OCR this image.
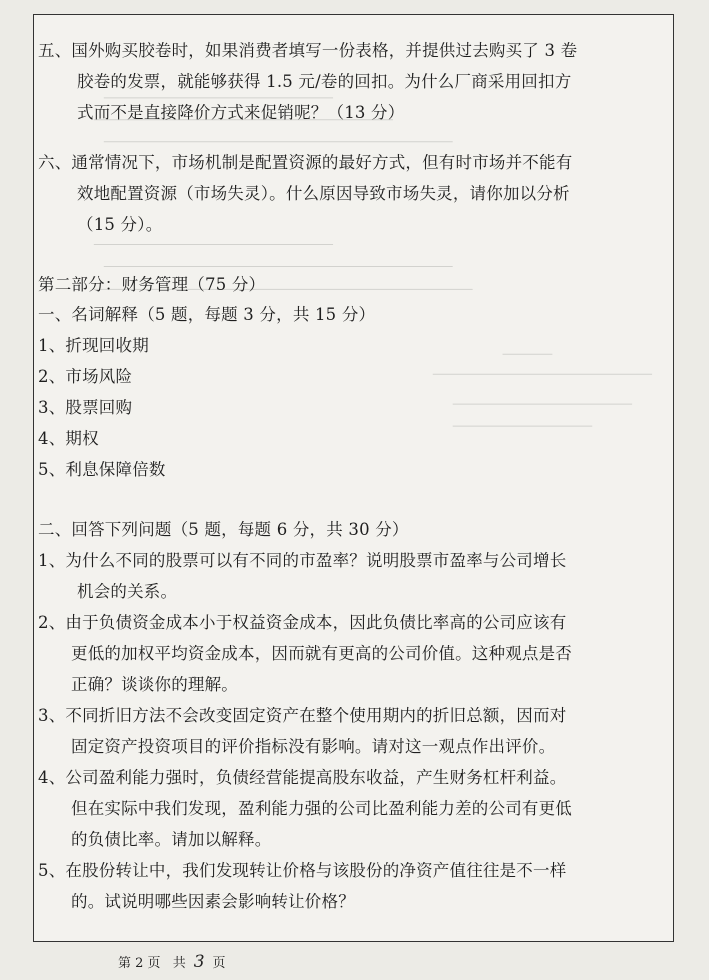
五、国外购买胶卷时，如果消费者填写一份表格，并提供过去购买了 3 卷
胶卷的发票，就能够获得 1.5 元/卷的回扣。为什么厂商采用回扣方
式而不是直接降价方式来促销呢？（13 分）
六、通常情况下，市场机制是配置资源的最好方式，但有时市场并不能有
效地配置资源（市场失灵）。什么原因导致市场失灵，请你加以分析
（15 分）。
第二部分：财务管理（75 分）
一、名词解释（5 题，每题 3 分，共 15 分）
1、折现回收期
2、市场风险
3、股票回购
4、期权
5、利息保障倍数
二、回答下列问题（5 题，每题 6 分，共 30 分）
1、为什么不同的股票可以有不同的市盈率？说明股票市盈率与公司增长
机会的关系。
2、由于负债资金成本小于权益资金成本，因此负债比率高的公司应该有
更低的加权平均资金成本，因而就有更高的公司价值。这种观点是否
正确？谈谈你的理解。
3、不同折旧方法不会改变固定资产在整个使用期内的折旧总额，因而对
固定资产投资项目的评价指标没有影响。请对这一观点作出评价。
4、公司盈利能力强时，负债经营能提高股东收益，产生财务杠杆利益。
但在实际中我们发现，盈利能力强的公司比盈利能力差的公司有更低
的负债比率。请加以解释。
5、在股份转让中，我们发现转让价格与该股份的净资产值往往是不一样
的。试说明哪些因素会影响转让价格？
第 2 页 共 3 页
